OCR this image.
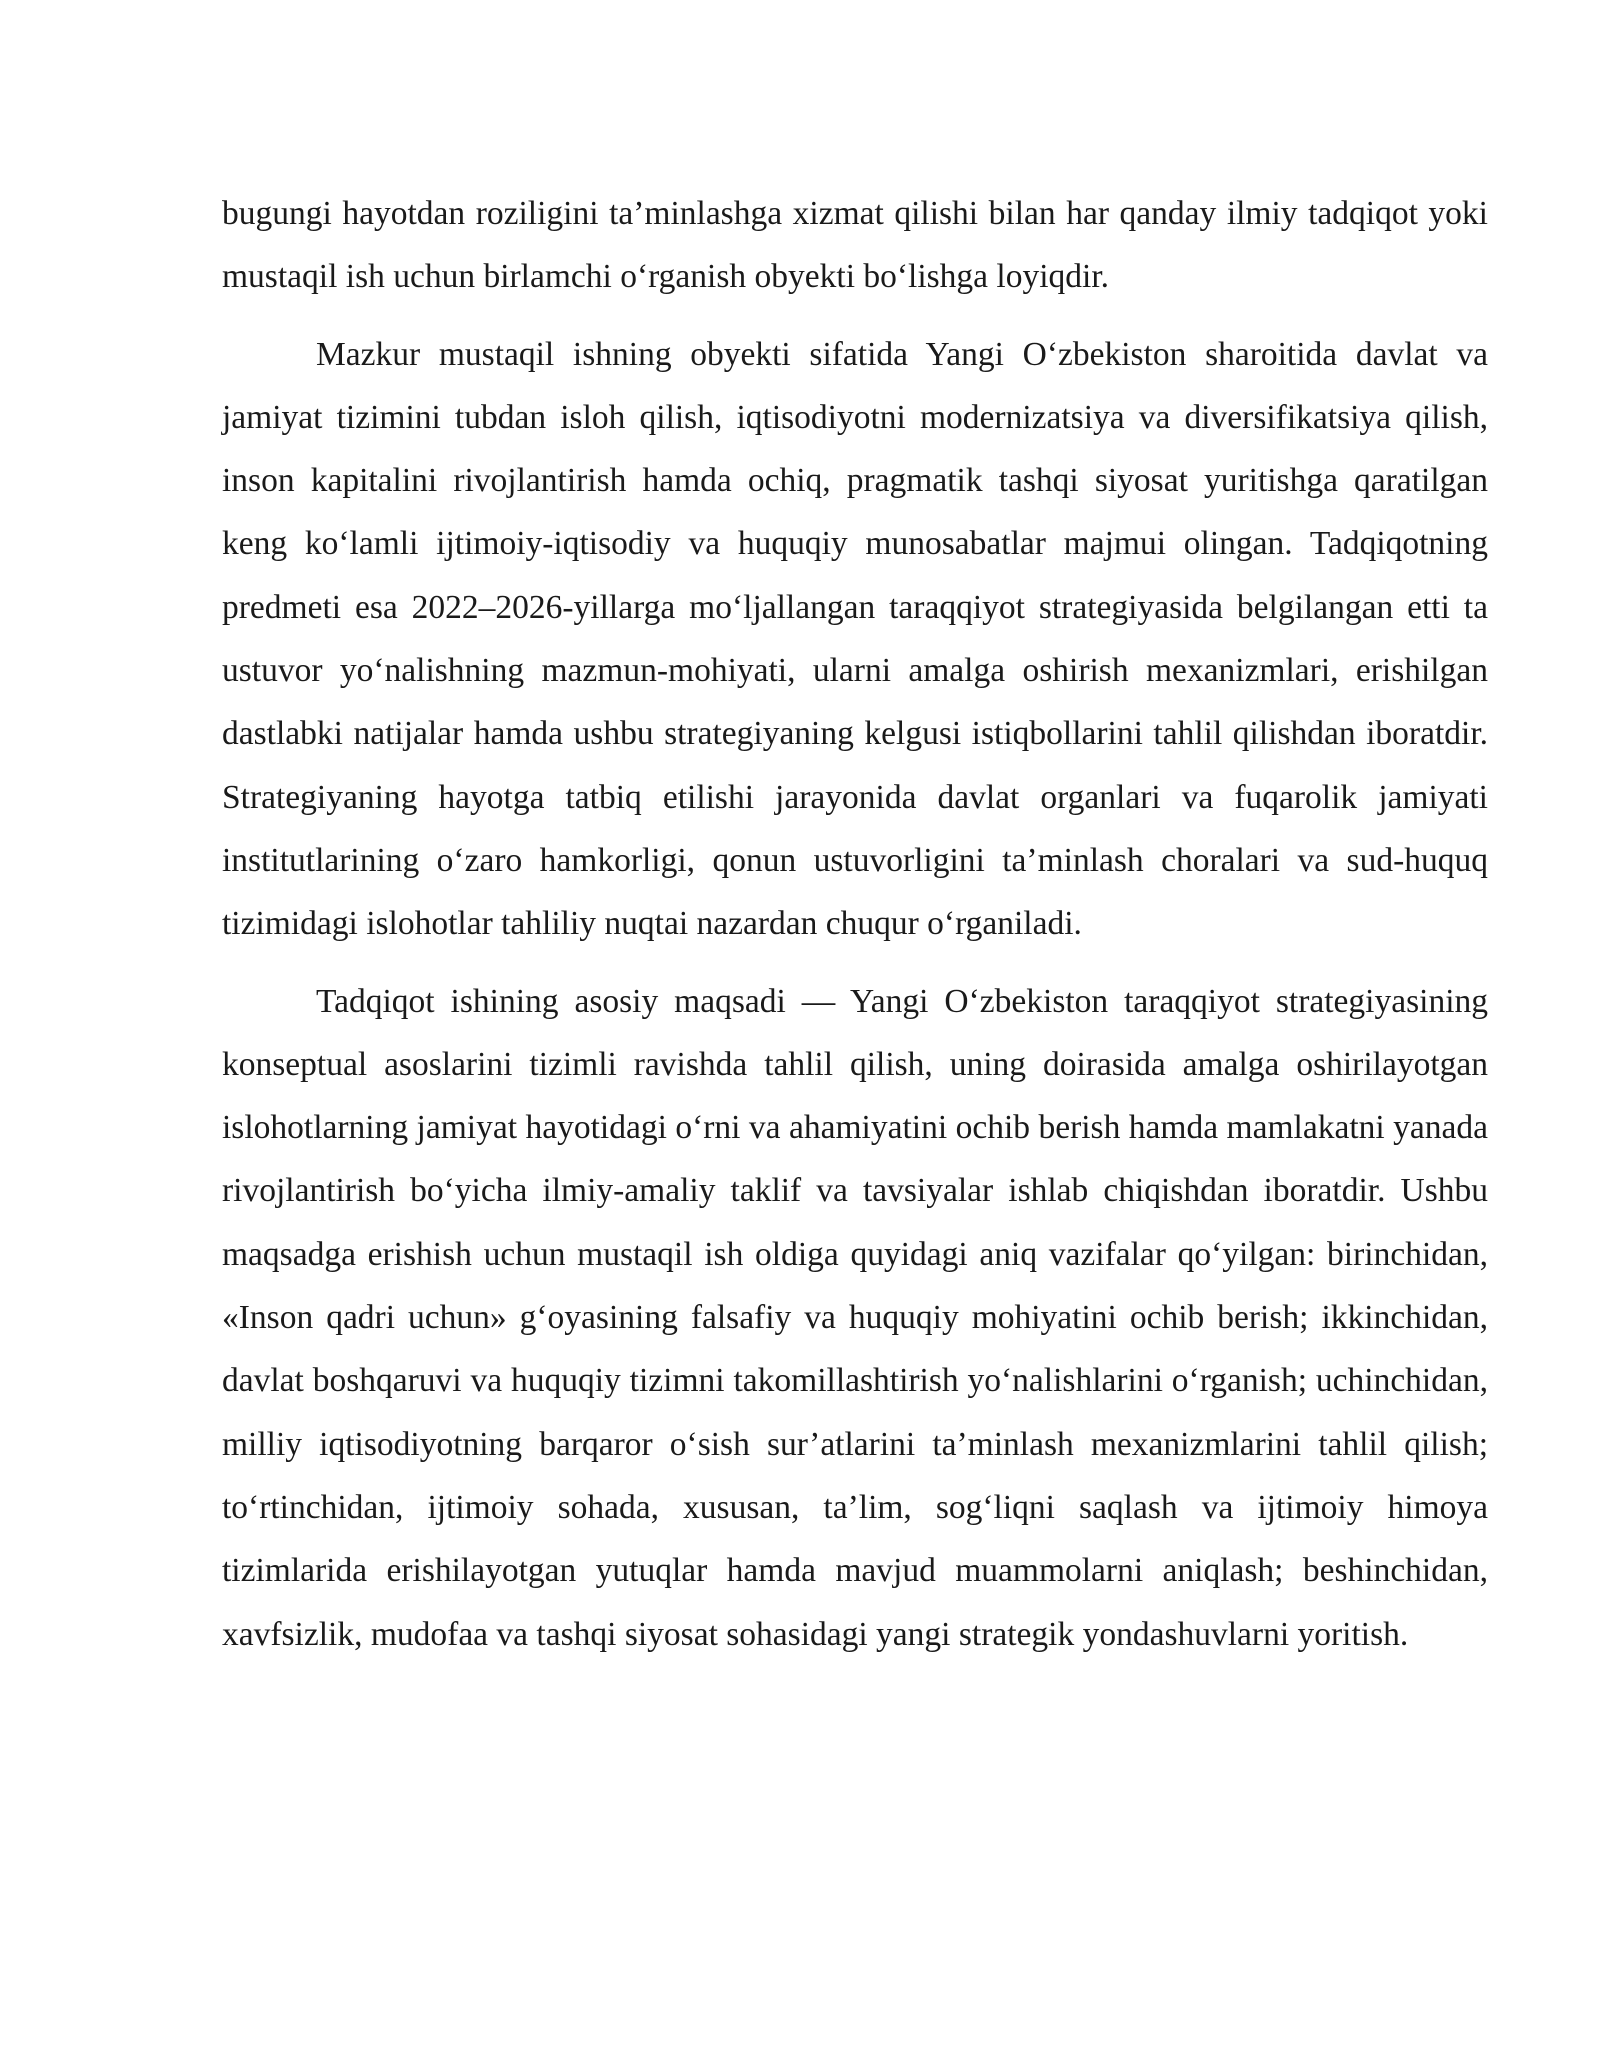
bugungi hayotdan roziligini ta’minlashga xizmat qilishi bilan har qanday ilmiy tadqiqot yoki mustaqil ish uchun birlamchi o‘rganish obyekti bo‘lishga loyiqdir.

Mazkur mustaqil ishning obyekti sifatida Yangi O‘zbekiston sharoitida davlat va jamiyat tizimini tubdan isloh qilish, iqtisodiyotni modernizatsiya va diversifikatsiya qilish, inson kapitalini rivojlantirish hamda ochiq, pragmatik tashqi siyosat yuritishga qaratilgan keng ko‘lamli ijtimoiy-iqtisodiy va huquqiy munosabatlar majmui olingan. Tadqiqotning predmeti esa 2022–2026-yillarga mo‘ljallangan taraqqiyot strategiyasida belgilangan etti ta ustuvor yo‘nalishning mazmun-mohiyati, ularni amalga oshirish mexanizmlari, erishilgan dastlabki natijalar hamda ushbu strategiyaning kelgusi istiqbollarini tahlil qilishdan iboratdir. Strategiyaning hayotga tatbiq etilishi jarayonida davlat organlari va fuqarolik jamiyati institutlarining o‘zaro hamkorligi, qonun ustuvorligini ta’minlash choralari va sud-huquq tizimidagi islohotlar tahliliy nuqtai nazardan chuqur o‘rganiladi.

Tadqiqot ishining asosiy maqsadi — Yangi O‘zbekiston taraqqiyot strategiyasining konseptual asoslarini tizimli ravishda tahlil qilish, uning doirasida amalga oshirilayotgan islohotlarning jamiyat hayotidagi o‘rni va ahamiyatini ochib berish hamda mamlakatni yanada rivojlantirish bo‘yicha ilmiy-amaliy taklif va tavsiyalar ishlab chiqishdan iboratdir. Ushbu maqsadga erishish uchun mustaqil ish oldiga quyidagi aniq vazifalar qo‘yilgan: birinchidan, «Inson qadri uchun» g‘oyasining falsafiy va huquqiy mohiyatini ochib berish; ikkinchidan, davlat boshqaruvi va huquqiy tizimni takomillashtirish yo‘nalishlarini o‘rganish; uchinchidan, milliy iqtisodiyotning barqaror o‘sish sur’atlarini ta’minlash mexanizmlarini tahlil qilish; to‘rtinchidan, ijtimoiy sohada, xususan, ta’lim, sog‘liqni saqlash va ijtimoiy himoya tizimlarida erishilayotgan yutuqlar hamda mavjud muammolarni aniqlash; beshinchidan, xavfsizlik, mudofaa va tashqi siyosat sohasidagi yangi strategik yondashuvlarni yoritish.
